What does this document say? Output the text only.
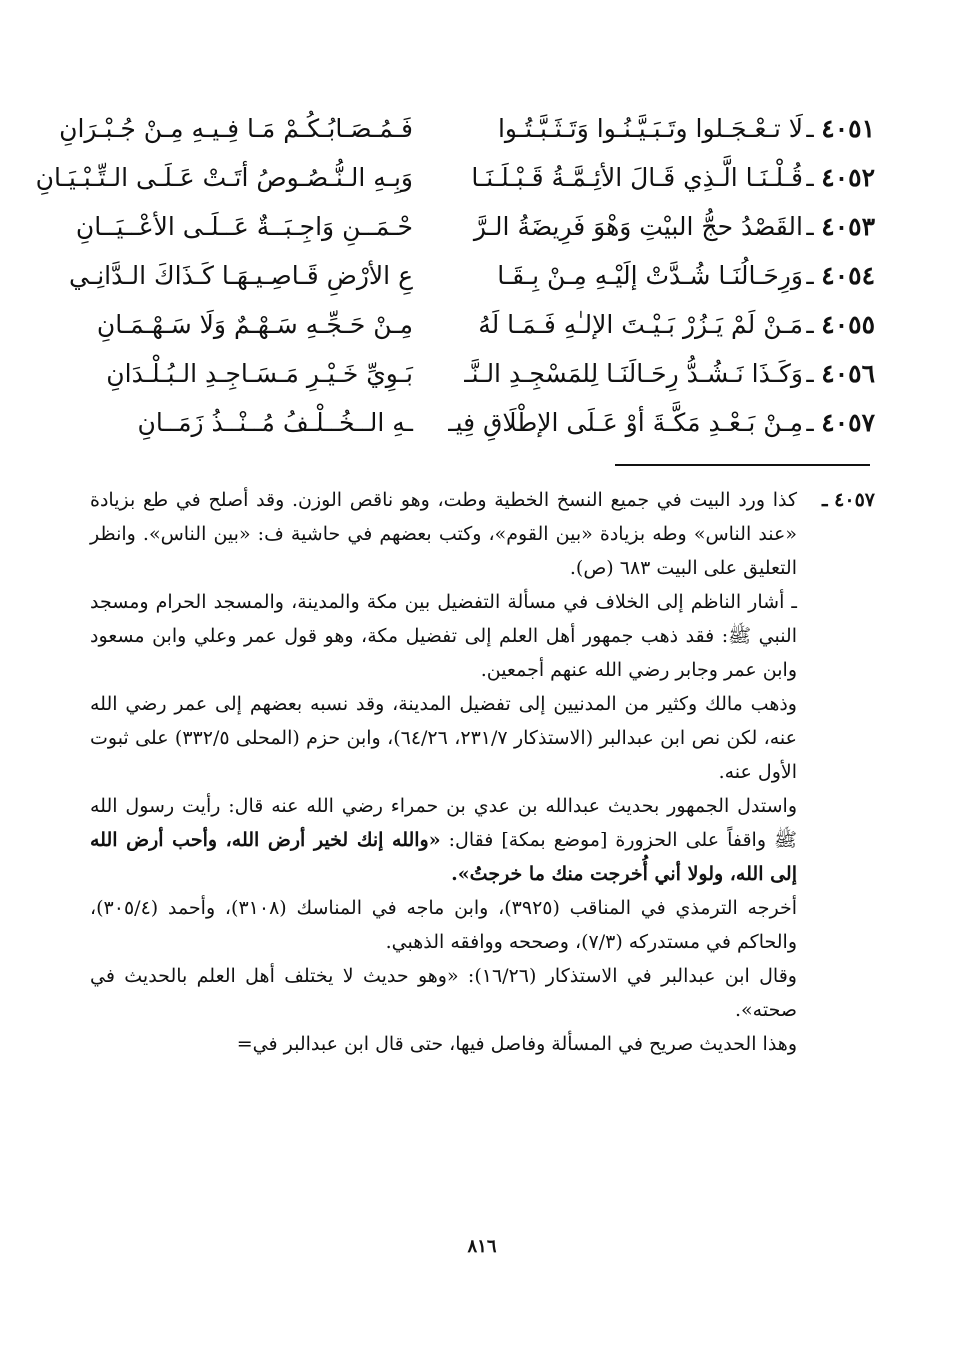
٤٠٥١
ـ
لَا تـعْـجَـلوا وتَـبَـيَّـنُـوا وَتَـثَـبَّـتُـوا
فَـمُـصَـابُـكُـمْ مَـا فِـيـهِ مِـنْ جُـبْـرَانِ
٤٠٥٢
ـ
قُـلْـنَـا الَّـذِي قَـالَ الأئِـمَّـةُ قَـبْـلَـنَـا
وَبِـهِ الـنُّـصُـوصُ أتَـتْ عَـلَـى الـتِّـبْـيَـانِ
٤٠٥٣
ـ
القَصْدُ حجُّ البيْتِ وَهْوَ فَرِيضَةُ الـرَّ
حْـمَــنِ وَاجِـبَــةٌ عَــلَـى الأعْــيَــانِ
٤٠٥٤
ـ
وَرِحَـالُنَـا شُـدَّتْ إلَيْـهِ مِـنْ بِـقَـا
عِ الأرْضِ قَـاصِـيـهَـا كَـذَاكَ الـدَّانِـي
٤٠٥٥
ـ
مَـنْ لَمْ يَـزُرْ بَـيْـتَ الإلـٰهِ فَـمَـا لَهُ
مِـنْ حَـجِّـهِ سَـهْـمٌ وَلَا سَـهْـمَـانِ
٤٠٥٦
ـ
وَكَـذَا نَـشُـدُّ رِحَـالَنَـا لِلمَسْجِـدِ الـنَّـ
بَـوِيِّ خَـيْـرِ مَـسَـاجِـدِ الـبُـلْـدَانِ
٤٠٥٧
ـ
مِـنْ بَـعْـدِ مَكَّـةَ أوْ عَـلَى الإطْلَاقِ فِيـ
ـهِ الــخُــلْـفُ مُــنْــذُ زَمَــانِ
٤٠٥٧ ـ

كذا ورد البيت في جميع النسخ الخطية وطت، وهو ناقص الوزن. وقد أصلح في طع بزيادة «عند الناس» وطه بزيادة «بين القوم»، وكتب بعضهم في حاشية ف: «بين الناس». وانظر التعليق على البيت ٦٨٣ (ص).

ـ أشار الناظم إلى الخلاف في مسألة التفضيل بين مكة والمدينة، والمسجد الحرام ومسجد النبي ﷺ: فقد ذهب جمهور أهل العلم إلى تفضيل مكة، وهو قول عمر وعلي وابن مسعود وابن عمر وجابر رضي الله عنهم أجمعين.

وذهب مالك وكثير من المدنيين إلى تفضيل المدينة، وقد نسبه بعضهم إلى عمر رضي الله عنه، لكن نص ابن عبدالبر (الاستذكار ٢٣١/٧، ٦٤/٢٦)، وابن حزم (المحلى ٣٣٢/٥) على ثبوت الأول عنه.

واستدل الجمهور بحديث عبدالله بن عدي بن حمراء رضي الله عنه قال: رأيت رسول الله ﷺ واقفاً على الحزورة [موضع بمكة] فقال: «والله إنك لخير أرض الله، وأحب أرض الله إلى الله، ولولا أني أُخرجت منك ما خرجتُ».

أخرجه الترمذي في المناقب (٣٩٢٥)، وابن ماجه في المناسك (٣١٠٨)، وأحمد (٣٠٥/٤)، والحاكم في مستدركه (٧/٣)، وصححه ووافقه الذهبي.

وقال ابن عبدالبر في الاستذكار (١٦/٢٦): «وهو حديث لا يختلف أهل العلم بالحديث في صحته».

وهذا الحديث صريح في المسألة وفاصل فيها، حتى قال ابن عبدالبر في=

٨١٦
